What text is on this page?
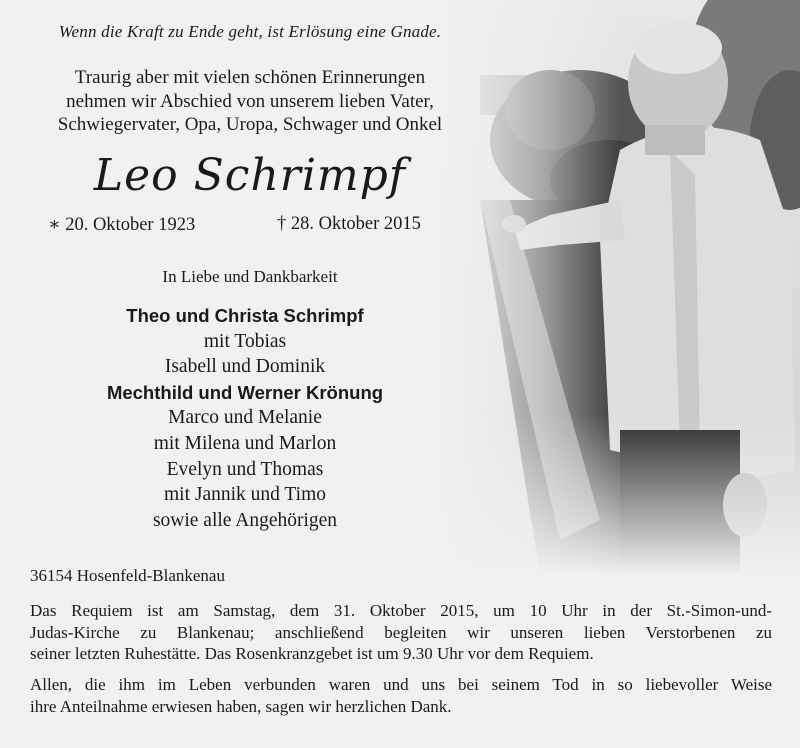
Wenn die Kraft zu Ende geht, ist Erlösung eine Gnade.
Traurig aber mit vielen schönen Erinnerungen
nehmen wir Abschied von unserem lieben Vater,
Schwiegervater, Opa, Uropa, Schwager und Onkel
Leo Schrimpf
∗ 20. Oktober 1923	† 28. Oktober 2015
In Liebe und Dankbarkeit
Theo und Christa Schrimpf
mit Tobias
Isabell und Dominik
Mechthild und Werner Krönung
Marco und Melanie
mit Milena und Marlon
Evelyn und Thomas
mit Jannik und Timo
sowie alle Angehörigen
36154 Hosenfeld-Blankenau
Das Requiem ist am Samstag, dem 31. Oktober 2015, um 10 Uhr in der St.-Simon-und-
Judas-Kirche zu Blankenau; anschließend begleiten wir unseren lieben Verstorbenen zu
seiner letzten Ruhestätte. Das Rosenkranzgebet ist um 9.30 Uhr vor dem Requiem.
Allen, die ihm im Leben verbunden waren und uns bei seinem Tod in so liebevoller Weise
ihre Anteilnahme erwiesen haben, sagen wir herzlichen Dank.
